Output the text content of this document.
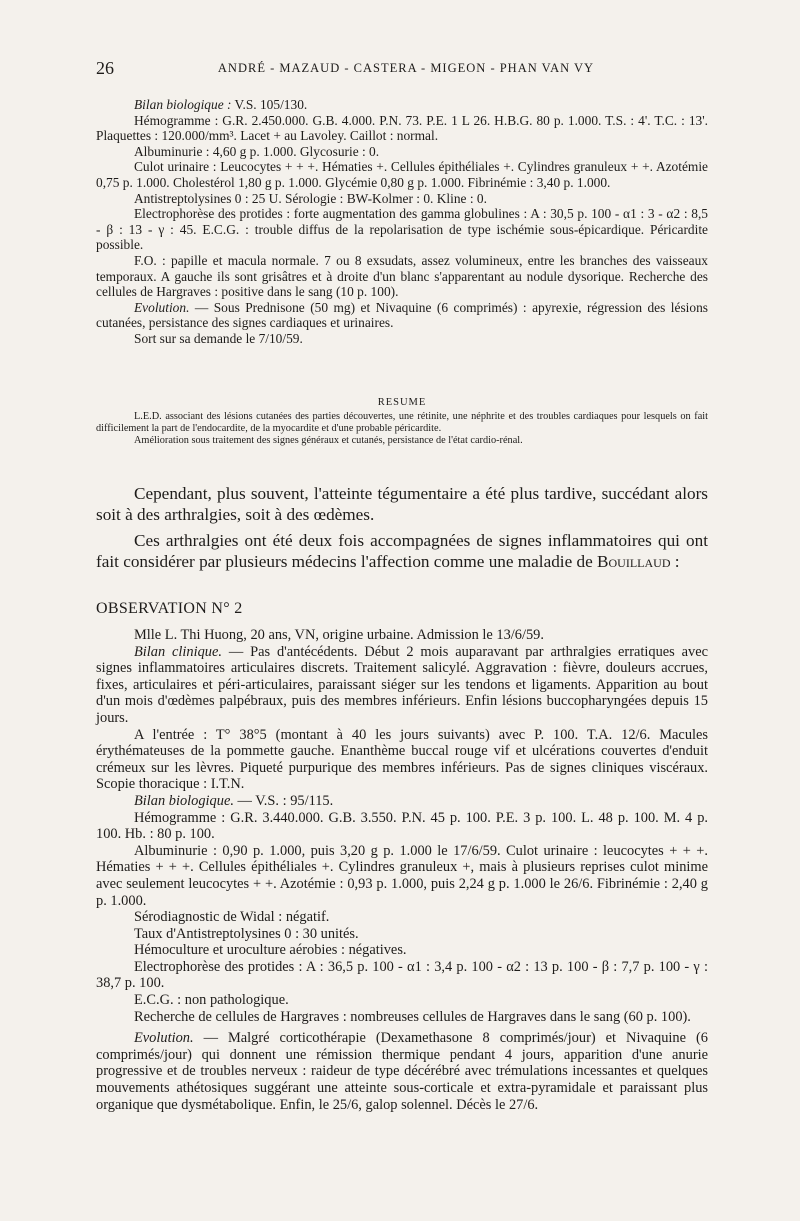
26	ANDRÉ - MAZAUD - CASTERA - MIGEON - PHAN VAN VY

Bilan biologique : V.S. 105/130.

Hémogramme : G.R. 2.450.000. G.B. 4.000. P.N. 73. P.E. 1 L 26. H.B.G. 80 p. 1.000. T.S. : 4'. T.C. : 13'. Plaquettes : 120.000/mm³. Lacet + au Lavoley. Caillot : normal.

Albuminurie : 4,60 g p. 1.000. Glycosurie : 0.

Culot urinaire : Leucocytes + + +. Hématies +. Cellules épithéliales +. Cylindres granuleux + +. Azotémie 0,75 p. 1.000. Cholestérol 1,80 g p. 1.000. Glycémie 0,80 g p. 1.000. Fibrinémie : 3,40 p. 1.000.

Antistreptolysines 0 : 25 U. Sérologie : BW-Kolmer : 0. Kline : 0.

Electrophorèse des protides : forte augmentation des gamma globulines : A : 30,5 p. 100 - α1 : 3 - α2 : 8,5 - β : 13 - γ : 45. E.C.G. : trouble diffus de la repolarisation de type ischémie sous-épicardique. Péricardite possible.

F.O. : papille et macula normale. 7 ou 8 exsudats, assez volumineux, entre les branches des vaisseaux temporaux. A gauche ils sont grisâtres et à droite d'un blanc s'apparentant au nodule dysorique. Recherche des cellules de Hargraves : positive dans le sang (10 p. 100).

Evolution. — Sous Prednisone (50 mg) et Nivaquine (6 comprimés) : apyrexie, régression des lésions cutanées, persistance des signes cardiaques et urinaires.

Sort sur sa demande le 7/10/59.

RESUME

L.E.D. associant des lésions cutanées des parties découvertes, une rétinite, une néphrite et des troubles cardiaques pour lesquels on fait difficilement la part de l'endocardite, de la myocardite et d'une probable péricardite.

Amélioration sous traitement des signes généraux et cutanés, persistance de l'état cardio-rénal.

Cependant, plus souvent, l'atteinte tégumentaire a été plus tardive, succédant alors soit à des arthralgies, soit à des œdèmes.

Ces arthralgies ont été deux fois accompagnées de signes inflammatoires qui ont fait considérer par plusieurs médecins l'affection comme une maladie de Bouillaud :

OBSERVATION N° 2

Mlle L. Thi Huong, 20 ans, VN, origine urbaine. Admission le 13/6/59.

Bilan clinique. — Pas d'antécédents. Début 2 mois auparavant par arthralgies erratiques avec signes inflammatoires articulaires discrets. Traitement salicylé. Aggravation : fièvre, douleurs accrues, fixes, articulaires et péri-articulaires, paraissant siéger sur les tendons et ligaments. Apparition au bout d'un mois d'œdèmes palpébraux, puis des membres inférieurs. Enfin lésions buccopharyngées depuis 15 jours.

A l'entrée : T° 38°5 (montant à 40 les jours suivants) avec P. 100. T.A. 12/6. Macules érythémateuses de la pommette gauche. Enanthème buccal rouge vif et ulcérations couvertes d'enduit crémeux sur les lèvres. Piqueté purpurique des membres inférieurs. Pas de signes cliniques viscéraux. Scopie thoracique : I.T.N.

Bilan biologique. — V.S. : 95/115.

Hémogramme : G.R. 3.440.000. G.B. 3.550. P.N. 45 p. 100. P.E. 3 p. 100. L. 48 p. 100. M. 4 p. 100. Hb. : 80 p. 100.

Albuminurie : 0,90 p. 1.000, puis 3,20 g p. 1.000 le 17/6/59. Culot urinaire : leucocytes + + +. Hématies + + +. Cellules épithéliales +. Cylindres granuleux +, mais à plusieurs reprises culot minime avec seulement leucocytes + +. Azotémie : 0,93 p. 1.000, puis 2,24 g p. 1.000 le 26/6. Fibrinémie : 2,40 g p. 1.000.

Sérodiagnostic de Widal : négatif.

Taux d'Antistreptolysines 0 : 30 unités.

Hémoculture et uroculture aérobies : négatives.

Electrophorèse des protides : A : 36,5 p. 100 - α1 : 3,4 p. 100 - α2 : 13 p. 100 - β : 7,7 p. 100 - γ : 38,7 p. 100.

E.C.G. : non pathologique.

Recherche de cellules de Hargraves : nombreuses cellules de Hargraves dans le sang (60 p. 100).

Evolution. — Malgré corticothérapie (Dexamethasone 8 comprimés/jour) et Nivaquine (6 comprimés/jour) qui donnent une rémission thermique pendant 4 jours, apparition d'une anurie progressive et de troubles nerveux : raideur de type décérébré avec trémulations incessantes et quelques mouvements athétosiques suggérant une atteinte sous-corticale et extra-pyramidale et paraissant plus organique que dysmétabolique. Enfin, le 25/6, galop solennel. Décès le 27/6.
